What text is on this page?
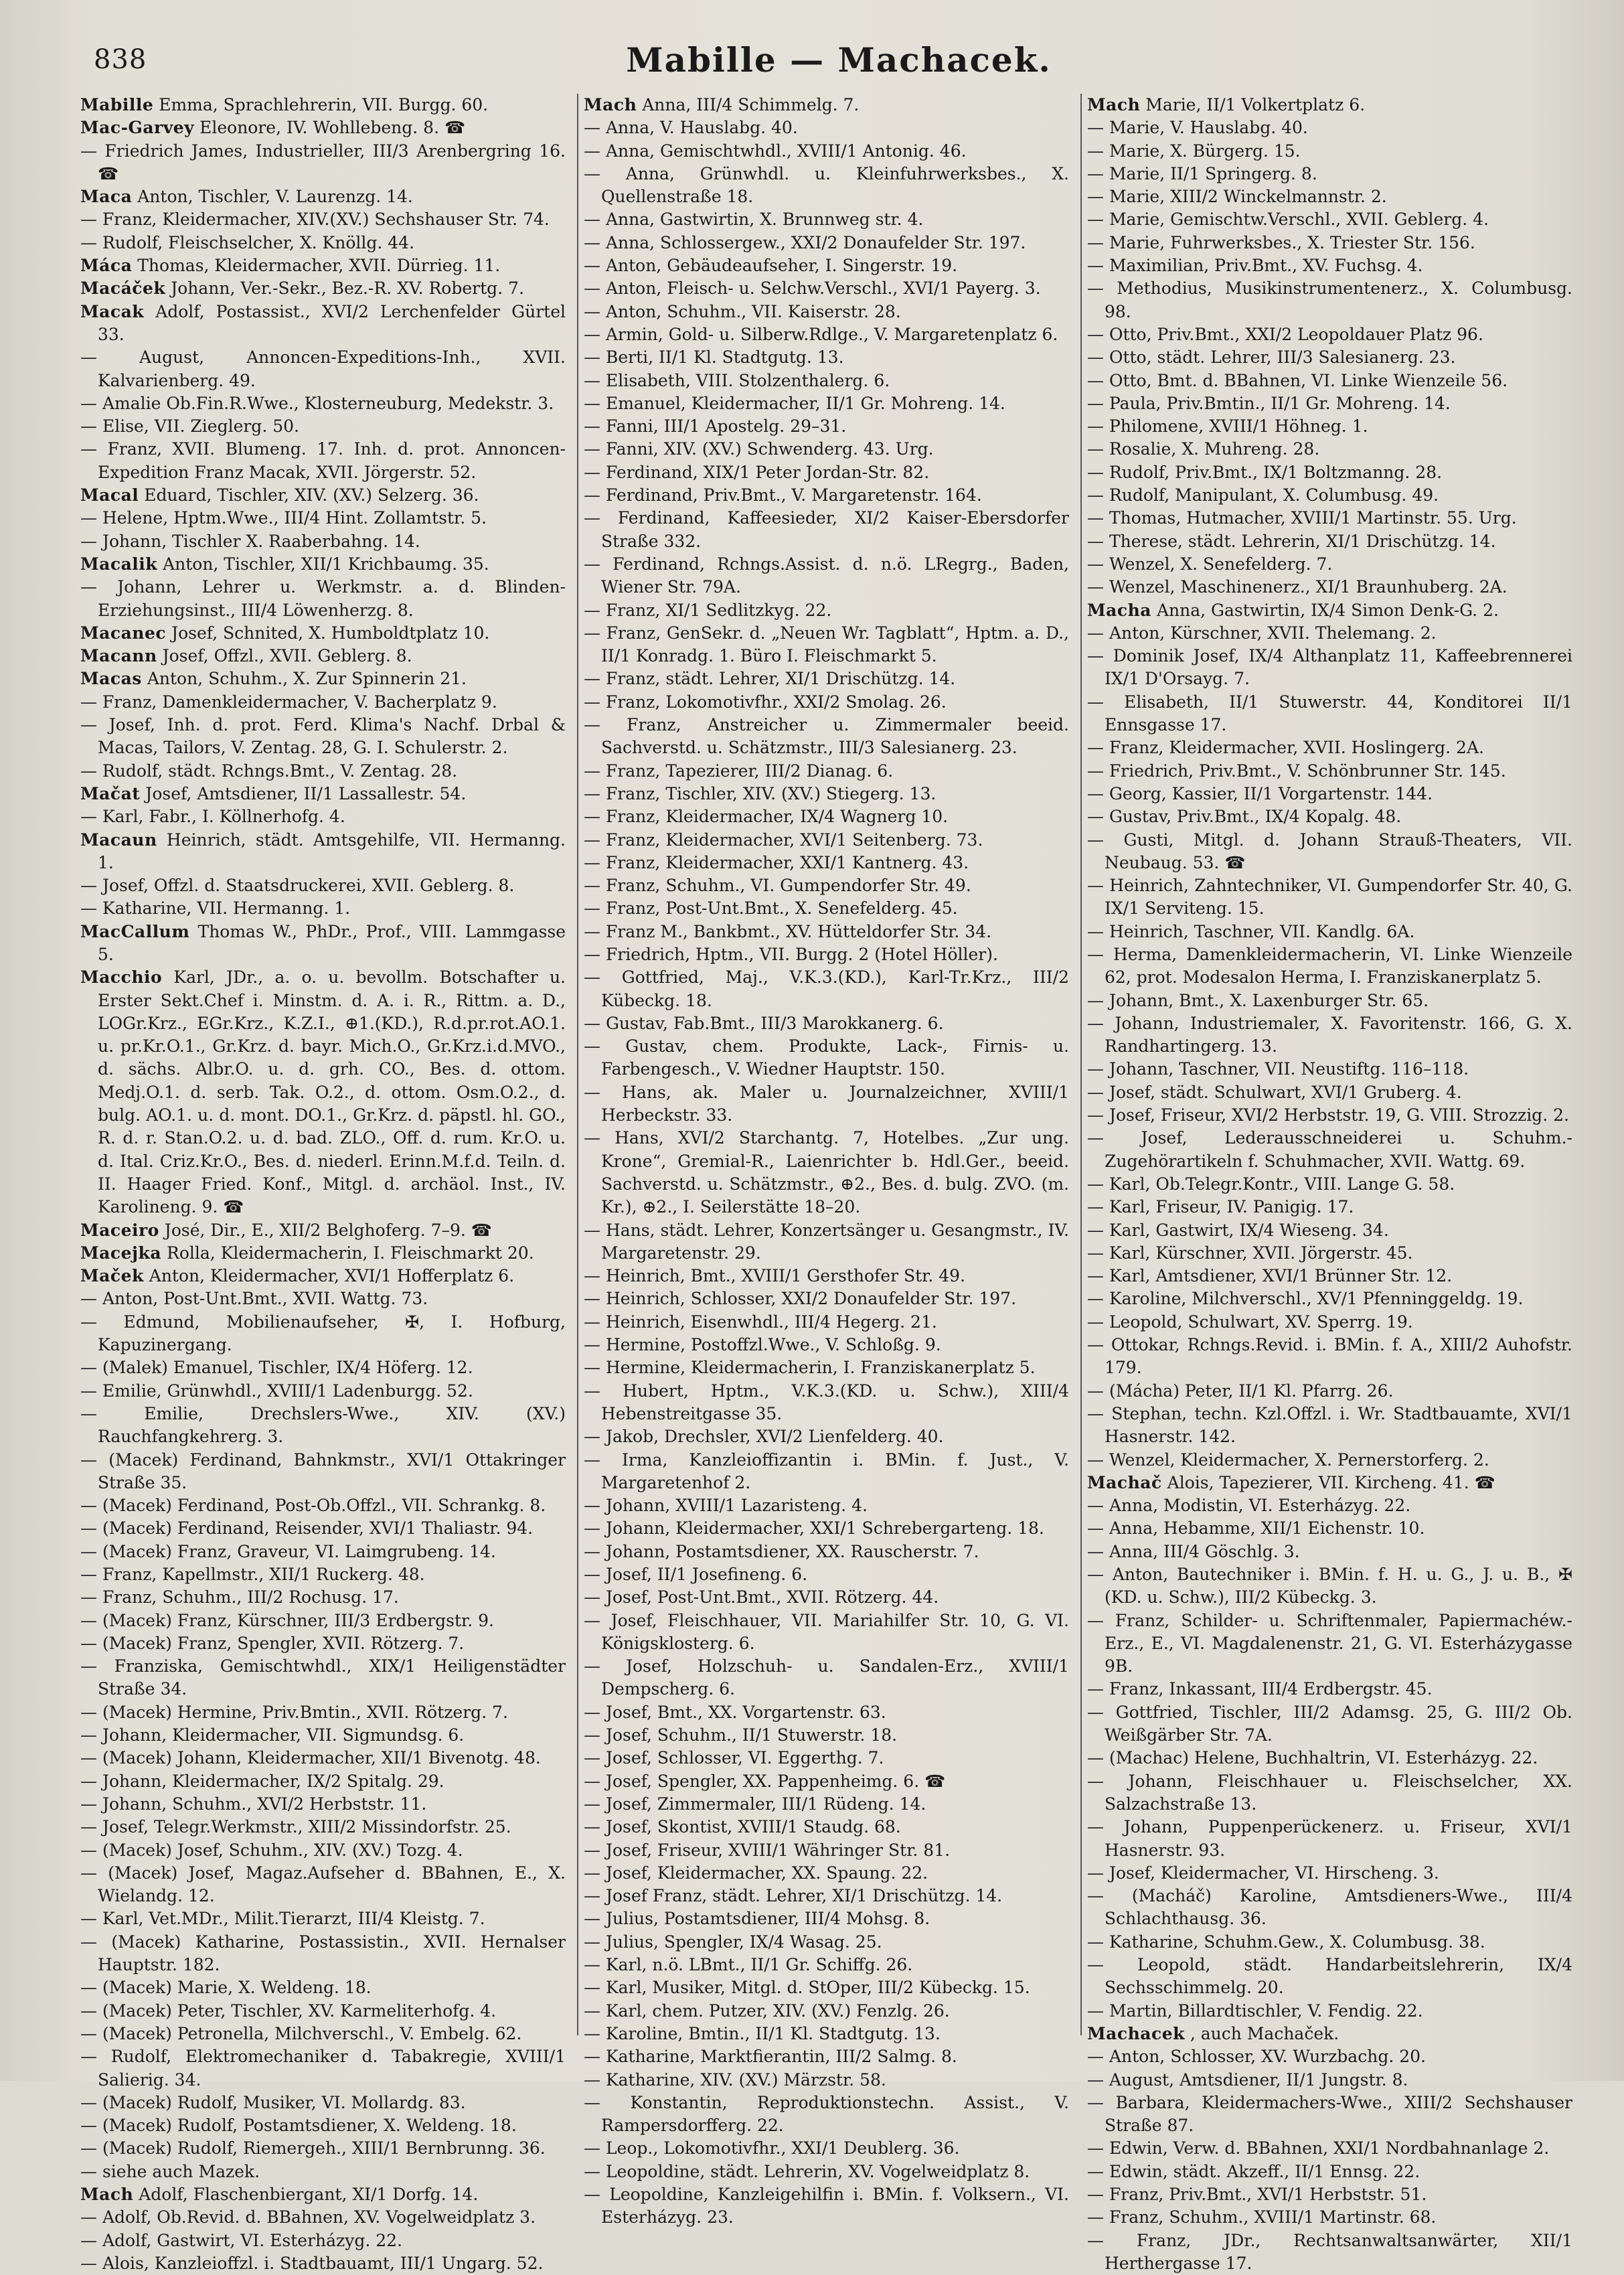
838	Mabille — Machacek.
Mabille Emma, Sprachlehrerin, VII. Burgg. 60.
Mac-Garvey Eleonore, IV. Wohllebeng. 8. ☎
— Friedrich James, Industrieller, III/3 Arenbergring 16. ☎
Maca Anton, Tischler, V. Laurenzg. 14.
— Franz, Kleidermacher, XIV.(XV.) Sechshauser Str. 74.
— Rudolf, Fleischselcher, X. Knöllg. 44.
Máca Thomas, Kleidermacher, XVII. Dürrieg. 11.
Macáček Johann, Ver.-Sekr., Bez.-R. XV. Robertg. 7.
Macak Adolf, Postassist., XVI/2 Lerchenfelder Gürtel 33.
— August, Annoncen-Expeditions-Inh., XVII. Kalvarienberg. 49.
— Amalie Ob.Fin.R.Wwe., Klosterneuburg, Medekstr. 3.
— Elise, VII. Zieglerg. 50.
— Franz, XVII. Blumeng. 17. Inh. d. prot. Annoncen-Expedition Franz Macak, XVII. Jörgerstr. 52.
Macal Eduard, Tischler, XIV. (XV.) Selzerg. 36.
— Helene, Hptm.Wwe., III/4 Hint. Zollamtstr. 5.
— Johann, Tischler X. Raaberbahng. 14.
Macalik Anton, Tischler, XII/1 Krichbaumg. 35.
— Johann, Lehrer u. Werkmstr. a. d. Blinden-Erziehungsinst., III/4 Löwenherzg. 8.
Macanec Josef, Schnited, X. Humboldtplatz 10.
Macann Josef, Offzl., XVII. Geblerg. 8.
Macas Anton, Schuhm., X. Zur Spinnerin 21.
— Franz, Damenkleidermacher, V. Bacherplatz 9.
— Josef, Inh. d. prot. Ferd. Klima's Nachf. Drbal & Macas, Tailors, V. Zentag. 28, G. I. Schulerstr. 2.
— Rudolf, städt. Rchngs.Bmt., V. Zentag. 28.
Mačat Josef, Amtsdiener, II/1 Lassallestr. 54.
— Karl, Fabr., I. Köllnerhofg. 4.
Macaun Heinrich, städt. Amtsgehilfe, VII. Hermanng. 1.
— Josef, Offzl. d. Staatsdruckerei, XVII. Geblerg. 8.
— Katharine, VII. Hermanng. 1.
MacCallum Thomas W., PhDr., Prof., VIII. Lammgasse 5.
Macchio Karl, JDr., a. o. u. bevollm. Botschafter u. Erster Sekt.Chef i. Minstm. d. A. i. R., Rittm. a. D., LOGr.Krz., EGr.Krz., K.Z.I., ⊕1.(KD.), R.d.pr.rot.AO.1. u. pr.Kr.O.1., Gr.Krz. d. bayr. Mich.O., Gr.Krz.i.d.MVO., d. sächs. Albr.O. u. d. grh. CO., Bes. d. ottom. Medj.O.1. d. serb. Tak. O.2., d. ottom. Osm.O.2., d. bulg. AO.1. u. d. mont. DO.1., Gr.Krz. d. päpstl. hl. GO., R. d. r. Stan.O.2. u. d. bad. ZLO., Off. d. rum. Kr.O. u. d. Ital. Criz.Kr.O., Bes. d. niederl. Erinn.M.f.d. Teiln. d. II. Haager Fried. Konf., Mitgl. d. archäol. Inst., IV. Karolineng. 9. ☎
Maceiro José, Dir., E., XII/2 Belghoferg. 7–9. ☎
Macejka Rolla, Kleidermacherin, I. Fleischmarkt 20.
Maček Anton, Kleidermacher, XVI/1 Hofferplatz 6.
— Anton, Post-Unt.Bmt., XVII. Wattg. 73.
— Edmund, Mobilienaufseher, ✠, I. Hofburg, Kapuzinergang.
— (Malek) Emanuel, Tischler, IX/4 Höferg. 12.
— Emilie, Grünwhdl., XVIII/1 Ladenburgg. 52.
— Emilie, Drechslers-Wwe., XIV. (XV.) Rauchfangkehrerg. 3.
— (Macek) Ferdinand, Bahnkmstr., XVI/1 Ottakringer Straße 35.
— (Macek) Ferdinand, Post-Ob.Offzl., VII. Schrankg. 8.
— (Macek) Ferdinand, Reisender, XVI/1 Thaliastr. 94.
— (Macek) Franz, Graveur, VI. Laimgrubeng. 14.
— Franz, Kapellmstr., XII/1 Ruckerg. 48.
— Franz, Schuhm., III/2 Rochusg. 17.
— (Macek) Franz, Kürschner, III/3 Erdbergstr. 9.
— (Macek) Franz, Spengler, XVII. Rötzerg. 7.
— Franziska, Gemischtwhdl., XIX/1 Heiligenstädter Straße 34.
— (Macek) Hermine, Priv.Bmtin., XVII. Rötzerg. 7.
— Johann, Kleidermacher, VII. Sigmundsg. 6.
— (Macek) Johann, Kleidermacher, XII/1 Bivenotg. 48.
— Johann, Kleidermacher, IX/2 Spitalg. 29.
— Johann, Schuhm., XVI/2 Herbststr. 11.
— Josef, Telegr.Werkmstr., XIII/2 Missindorfstr. 25.
— (Macek) Josef, Schuhm., XIV. (XV.) Tozg. 4.
— (Macek) Josef, Magaz.Aufseher d. BBahnen, E., X. Wielandg. 12.
— Karl, Vet.MDr., Milit.Tierarzt, III/4 Kleistg. 7.
— (Macek) Katharine, Postassistin., XVII. Hernalser Hauptstr. 182.
— (Macek) Marie, X. Weldeng. 18.
— (Macek) Peter, Tischler, XV. Karmeliterhofg. 4.
— (Macek) Petronella, Milchverschl., V. Embelg. 62.
— Rudolf, Elektromechaniker d. Tabakregie, XVIII/1 Salierig. 34.
— (Macek) Rudolf, Musiker, VI. Mollardg. 83.
— (Macek) Rudolf, Postamtsdiener, X. Weldeng. 18.
— (Macek) Rudolf, Riemergeh., XIII/1 Bernbrunng. 36.
— siehe auch Mazek.
Mach Adolf, Flaschenbiergant, XI/1 Dorfg. 14.
— Adolf, Ob.Revid. d. BBahnen, XV. Vogelweidplatz 3.
— Adolf, Gastwirt, VI. Esterházyg. 22.
— Alois, Kanzleioffzl. i. Stadtbauamt, III/1 Ungarg. 52.
Mach Anna, III/4 Schimmelg. 7.
— Anna, V. Hauslabg. 40.
— Anna, Gemischtwhdl., XVIII/1 Antonig. 46.
— Anna, Grünwhdl. u. Kleinfuhrwerksbes., X. Quellenstraße 18.
— Anna, Gastwirtin, X. Brunnweg str. 4.
— Anna, Schlossergew., XXI/2 Donaufelder Str. 197.
— Anton, Gebäudeaufseher, I. Singerstr. 19.
— Anton, Fleisch- u. Selchw.Verschl., XVI/1 Payerg. 3.
— Anton, Schuhm., VII. Kaiserstr. 28.
— Armin, Gold- u. Silberw.Rdlge., V. Margaretenplatz 6.
— Berti, II/1 Kl. Stadtgutg. 13.
— Elisabeth, VIII. Stolzenthalerg. 6.
— Emanuel, Kleidermacher, II/1 Gr. Mohreng. 14.
— Fanni, III/1 Apostelg. 29–31.
— Fanni, XIV. (XV.) Schwenderg. 43. Urg.
— Ferdinand, XIX/1 Peter Jordan-Str. 82.
— Ferdinand, Priv.Bmt., V. Margaretenstr. 164.
— Ferdinand, Kaffeesieder, XI/2 Kaiser-Ebersdorfer Straße 332.
— Ferdinand, Rchngs.Assist. d. n.ö. LRegrg., Baden, Wiener Str. 79A.
— Franz, XI/1 Sedlitzkyg. 22.
— Franz, GenSekr. d. „Neuen Wr. Tagblatt“, Hptm. a. D., II/1 Konradg. 1. Büro I. Fleischmarkt 5.
— Franz, städt. Lehrer, XI/1 Drischützg. 14.
— Franz, Lokomotivfhr., XXI/2 Smolag. 26.
— Franz, Anstreicher u. Zimmermaler beeid. Sachverstd. u. Schätzmstr., III/3 Salesianerg. 23.
— Franz, Tapezierer, III/2 Dianag. 6.
— Franz, Tischler, XIV. (XV.) Stiegerg. 13.
— Franz, Kleidermacher, IX/4 Wagnerg 10.
— Franz, Kleidermacher, XVI/1 Seitenberg. 73.
— Franz, Kleidermacher, XXI/1 Kantnerg. 43.
— Franz, Schuhm., VI. Gumpendorfer Str. 49.
— Franz, Post-Unt.Bmt., X. Senefelderg. 45.
— Franz M., Bankbmt., XV. Hütteldorfer Str. 34.
— Friedrich, Hptm., VII. Burgg. 2 (Hotel Höller).
— Gottfried, Maj., V.K.3.(KD.), Karl-Tr.Krz., III/2 Kübeckg. 18.
— Gustav, Fab.Bmt., III/3 Marokkanerg. 6.
— Gustav, chem. Produkte, Lack-, Firnis- u. Farbengesch., V. Wiedner Hauptstr. 150.
— Hans, ak. Maler u. Journalzeichner, XVIII/1 Herbeckstr. 33.
— Hans, XVI/2 Starchantg. 7, Hotelbes. „Zur ung. Krone“, Gremial-R., Laienrichter b. Hdl.Ger., beeid. Sachverstd. u. Schätzmstr., ⊕2., Bes. d. bulg. ZVO. (m. Kr.), ⊕2., I. Seilerstätte 18–20.
— Hans, städt. Lehrer, Konzertsänger u. Gesangmstr., IV. Margaretenstr. 29.
— Heinrich, Bmt., XVIII/1 Gersthofer Str. 49.
— Heinrich, Schlosser, XXI/2 Donaufelder Str. 197.
— Heinrich, Eisenwhdl., III/4 Hegerg. 21.
— Hermine, Postoffzl.Wwe., V. Schloßg. 9.
— Hermine, Kleidermacherin, I. Franziskanerplatz 5.
— Hubert, Hptm., V.K.3.(KD. u. Schw.), XIII/4 Hebenstreitgasse 35.
— Jakob, Drechsler, XVI/2 Lienfelderg. 40.
— Irma, Kanzleioffizantin i. BMin. f. Just., V. Margaretenhof 2.
— Johann, XVIII/1 Lazaristeng. 4.
— Johann, Kleidermacher, XXI/1 Schrebergarteng. 18.
— Johann, Postamtsdiener, XX. Rauscherstr. 7.
— Josef, II/1 Josefineng. 6.
— Josef, Post-Unt.Bmt., XVII. Rötzerg. 44.
— Josef, Fleischhauer, VII. Mariahilfer Str. 10, G. VI. Königsklosterg. 6.
— Josef, Holzschuh- u. Sandalen-Erz., XVIII/1 Dempscherg. 6.
— Josef, Bmt., XX. Vorgartenstr. 63.
— Josef, Schuhm., II/1 Stuwerstr. 18.
— Josef, Schlosser, VI. Eggerthg. 7.
— Josef, Spengler, XX. Pappenheimg. 6. ☎
— Josef, Zimmermaler, III/1 Rüdeng. 14.
— Josef, Skontist, XVIII/1 Staudg. 68.
— Josef, Friseur, XVIII/1 Währinger Str. 81.
— Josef, Kleidermacher, XX. Spaung. 22.
— Josef Franz, städt. Lehrer, XI/1 Drischützg. 14.
— Julius, Postamtsdiener, III/4 Mohsg. 8.
— Julius, Spengler, IX/4 Wasag. 25.
— Karl, n.ö. LBmt., II/1 Gr. Schiffg. 26.
— Karl, Musiker, Mitgl. d. StOper, III/2 Kübeckg. 15.
— Karl, chem. Putzer, XIV. (XV.) Fenzlg. 26.
— Karoline, Bmtin., II/1 Kl. Stadtgutg. 13.
— Katharine, Marktfierantin, III/2 Salmg. 8.
— Katharine, XIV. (XV.) Märzstr. 58.
— Konstantin, Reproduktionstechn. Assist., V. Rampersdorfferg. 22.
— Leop., Lokomotivfhr., XXI/1 Deublerg. 36.
— Leopoldine, städt. Lehrerin, XV. Vogelweidplatz 8.
— Leopoldine, Kanzleigehilfin i. BMin. f. Volksern., VI. Esterházyg. 23.
Mach Marie, II/1 Volkertplatz 6.
— Marie, V. Hauslabg. 40.
— Marie, X. Bürgerg. 15.
— Marie, II/1 Springerg. 8.
— Marie, XIII/2 Winckelmannstr. 2.
— Marie, Gemischtw.Verschl., XVII. Geblerg. 4.
— Marie, Fuhrwerksbes., X. Triester Str. 156.
— Maximilian, Priv.Bmt., XV. Fuchsg. 4.
— Methodius, Musikinstrumentenerz., X. Columbusg. 98.
— Otto, Priv.Bmt., XXI/2 Leopoldauer Platz 96.
— Otto, städt. Lehrer, III/3 Salesianerg. 23.
— Otto, Bmt. d. BBahnen, VI. Linke Wienzeile 56.
— Paula, Priv.Bmtin., II/1 Gr. Mohreng. 14.
— Philomene, XVIII/1 Höhneg. 1.
— Rosalie, X. Muhreng. 28.
— Rudolf, Priv.Bmt., IX/1 Boltzmanng. 28.
— Rudolf, Manipulant, X. Columbusg. 49.
— Thomas, Hutmacher, XVIII/1 Martinstr. 55. Urg.
— Therese, städt. Lehrerin, XI/1 Drischützg. 14.
— Wenzel, X. Senefelderg. 7.
— Wenzel, Maschinenerz., XI/1 Braunhuberg. 2A.
Macha Anna, Gastwirtin, IX/4 Simon Denk-G. 2.
— Anton, Kürschner, XVII. Thelemang. 2.
— Dominik Josef, IX/4 Althanplatz 11, Kaffeebrennerei IX/1 D'Orsayg. 7.
— Elisabeth, II/1 Stuwerstr. 44, Konditorei II/1 Ennsgasse 17.
— Franz, Kleidermacher, XVII. Hoslingerg. 2A.
— Friedrich, Priv.Bmt., V. Schönbrunner Str. 145.
— Georg, Kassier, II/1 Vorgartenstr. 144.
— Gustav, Priv.Bmt., IX/4 Kopalg. 48.
— Gusti, Mitgl. d. Johann Strauß-Theaters, VII. Neubaug. 53. ☎
— Heinrich, Zahntechniker, VI. Gumpendorfer Str. 40, G. IX/1 Serviteng. 15.
— Heinrich, Taschner, VII. Kandlg. 6A.
— Herma, Damenkleidermacherin, VI. Linke Wienzeile 62, prot. Modesalon Herma, I. Franziskanerplatz 5.
— Johann, Bmt., X. Laxenburger Str. 65.
— Johann, Industriemaler, X. Favoritenstr. 166, G. X. Randhartingerg. 13.
— Johann, Taschner, VII. Neustiftg. 116–118.
— Josef, städt. Schulwart, XVI/1 Gruberg. 4.
— Josef, Friseur, XVI/2 Herbststr. 19, G. VIII. Strozzig. 2.
— Josef, Lederausschneiderei u. Schuhm.-Zugehörartikeln f. Schuhmacher, XVII. Wattg. 69.
— Karl, Ob.Telegr.Kontr., VIII. Lange G. 58.
— Karl, Friseur, IV. Panigig. 17.
— Karl, Gastwirt, IX/4 Wieseng. 34.
— Karl, Kürschner, XVII. Jörgerstr. 45.
— Karl, Amtsdiener, XVI/1 Brünner Str. 12.
— Karoline, Milchverschl., XV/1 Pfenninggeldg. 19.
— Leopold, Schulwart, XV. Sperrg. 19.
— Ottokar, Rchngs.Revid. i. BMin. f. A., XIII/2 Auhofstr. 179.
— (Mácha) Peter, II/1 Kl. Pfarrg. 26.
— Stephan, techn. Kzl.Offzl. i. Wr. Stadtbauamte, XVI/1 Hasnerstr. 142.
— Wenzel, Kleidermacher, X. Pernerstorferg. 2.
Machač Alois, Tapezierer, VII. Kircheng. 41. ☎
— Anna, Modistin, VI. Esterházyg. 22.
— Anna, Hebamme, XII/1 Eichenstr. 10.
— Anna, III/4 Göschlg. 3.
— Anton, Bautechniker i. BMin. f. H. u. G., J. u. B., ✠ (KD. u. Schw.), III/2 Kübeckg. 3.
— Franz, Schilder- u. Schriftenmaler, Papiermachéw.-Erz., E., VI. Magdalenenstr. 21, G. VI. Esterházygasse 9B.
— Franz, Inkassant, III/4 Erdbergstr. 45.
— Gottfried, Tischler, III/2 Adamsg. 25, G. III/2 Ob. Weißgärber Str. 7A.
— (Machac) Helene, Buchhaltrin, VI. Esterházyg. 22.
— Johann, Fleischhauer u. Fleischselcher, XX. Salzachstraße 13.
— Johann, Puppenperückenerz. u. Friseur, XVI/1 Hasnerstr. 93.
— Josef, Kleidermacher, VI. Hirscheng. 3.
— (Macháč) Karoline, Amtsdieners-Wwe., III/4 Schlachthausg. 36.
— Katharine, Schuhm.Gew., X. Columbusg. 38.
— Leopold, städt. Handarbeitslehrerin, IX/4 Sechsschimmelg. 20.
— Martin, Billardtischler, V. Fendig. 22.
Machacek , auch Machaček.
— Anton, Schlosser, XV. Wurzbachg. 20.
— August, Amtsdiener, II/1 Jungstr. 8.
— Barbara, Kleidermachers-Wwe., XIII/2 Sechshauser Straße 87.
— Edwin, Verw. d. BBahnen, XXI/1 Nordbahnanlage 2.
— Edwin, städt. Akzeff., II/1 Ennsg. 22.
— Franz, Priv.Bmt., XVI/1 Herbststr. 51.
— Franz, Schuhm., XVIII/1 Martinstr. 68.
— Franz, JDr., Rechtsanwaltsanwärter, XII/1 Herthergasse 17.
